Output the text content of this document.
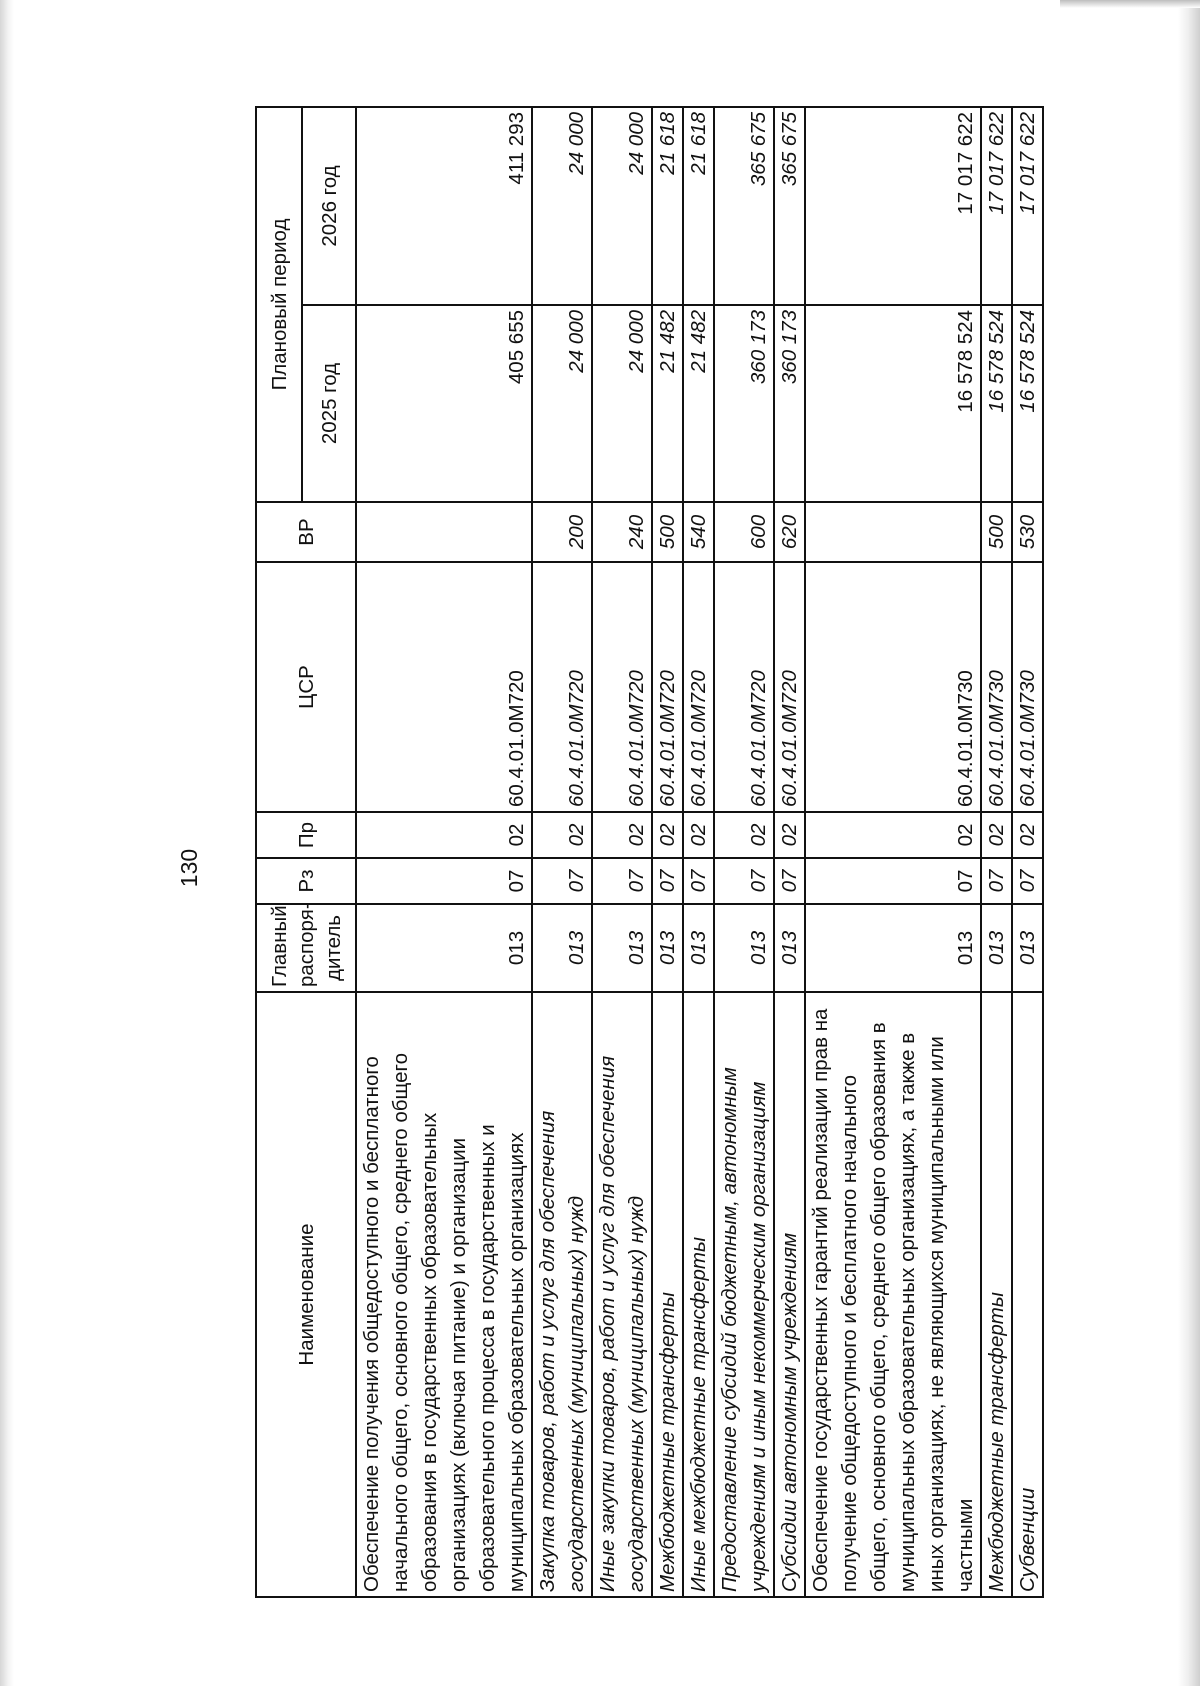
130
Наименование	Главный распоря-дитель	Рз	Пр	ЦСР	ВР	Плановый период	
						2025 год	2026 год
Обеспечение получения общедоступного и бесплатного начального общего, основного общего, среднего общего образования в государственных образовательных организациях (включая питание) и организации образовательного процесса в государственных и муниципальных образовательных организациях	013	07	02	60.4.01.0М720		405 655	411 293
Закупка товаров, работ и услуг для обеспечения государственных (муниципальных) нужд	013	07	02	60.4.01.0М720	200	24 000	24 000
Иные закупки товаров, работ и услуг для обеспечения государственных (муниципальных) нужд	013	07	02	60.4.01.0М720	240	24 000	24 000
Межбюджетные трансферты	013	07	02	60.4.01.0М720	500	21 482	21 618
Иные межбюджетные трансферты	013	07	02	60.4.01.0М720	540	21 482	21 618
Предоставление субсидий бюджетным, автономным учреждениям и иным некоммерческим организациям	013	07	02	60.4.01.0М720	600	360 173	365 675
Субсидии автономным учреждениям	013	07	02	60.4.01.0М720	620	360 173	365 675
Обеспечение государственных гарантий реализации прав на получение общедоступного и бесплатного начального общего, основного общего, среднего общего образования в муниципальных образовательных организациях, а также в иных организациях, не являющихся муниципальными или частными	013	07	02	60.4.01.0М730		16 578 524	17 017 622
Межбюджетные трансферты	013	07	02	60.4.01.0М730	500	16 578 524	17 017 622
Субвенции	013	07	02	60.4.01.0М730	530	16 578 524	17 017 622
